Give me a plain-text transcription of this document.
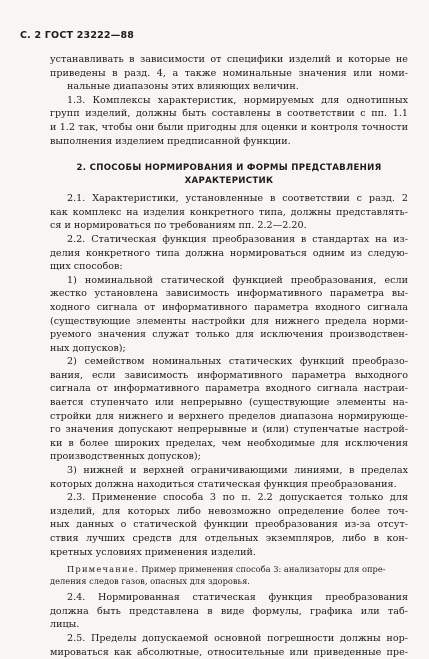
С. 2 ГОСТ 23222—88
устанавливать в зависимости от специфики изделий и которые не
приведены в разд. 4, а также номинальные значения или номи-
нальные диапазоны этих влияющих величин.
1.3. Комплексы характеристик, нормируемых для однотипных
групп изделий, должны быть составлены в соответствии с пп. 1.1
и 1.2 так, чтобы они были пригодны для оценки и контроля точности
выполнения изделием предписанной функции.
2. СПОСОБЫ НОРМИРОВАНИЯ И ФОРМЫ ПРЕДСТАВЛЕНИЯ
ХАРАКТЕРИСТИК
2.1. Характеристики, установленные в соответствии с разд. 2
как комплекс на изделия конкретного типа, должны представлять-
ся и нормироваться по требованиям пп. 2.2—2.20.
2.2. Статическая функция преобразования в стандартах на из-
делия конкретного типа должна нормироваться одним из следую-
щих способов:
1) номинальной статической функцией преобразования, если
жестко установлена зависимость информативного параметра вы-
ходного сигнала от информативного параметра входного сигнала
(существующие элементы настройки для нижнего предела норми-
руемого значения служат только для исключения производствен-
ных допусков);
2) семейством номинальных статических функций преобразо-
вания, если зависимость информативного параметра выходного
сигнала от информативного параметра входного сигнала настраи-
вается ступенчато или непрерывно (существующие элементы на-
стройки для нижнего и верхнего пределов диапазона нормирующе-
го значения допускают непрерывные и (или) ступенчатые настрой-
ки в более широких пределах, чем необходимые для исключения
производственных допусков);
3) нижней и верхней ограничивающими линиями, в пределах
которых должна находиться статическая функция преобразования.
2.3. Применение способа 3 по п. 2.2 допускается только для
изделий, для которых либо невозможно определение более точ-
ных данных о статической функции преобразования из-за отсут-
ствия лучших средств для отдельных экземпляров, либо в кон-
кретных условиях применения изделий.
Примечание. Пример применения способа 3: анализаторы для опре-
деления следов газов, опасных для здоровья.
2.4. Нормированная статическая функция преобразования
должна быть представлена в виде формулы, графика или таб-
лицы.
2.5. Пределы допускаемой основной погрешности должны нор-
мироваться как абсолютные, относительные или приведенные пре-
